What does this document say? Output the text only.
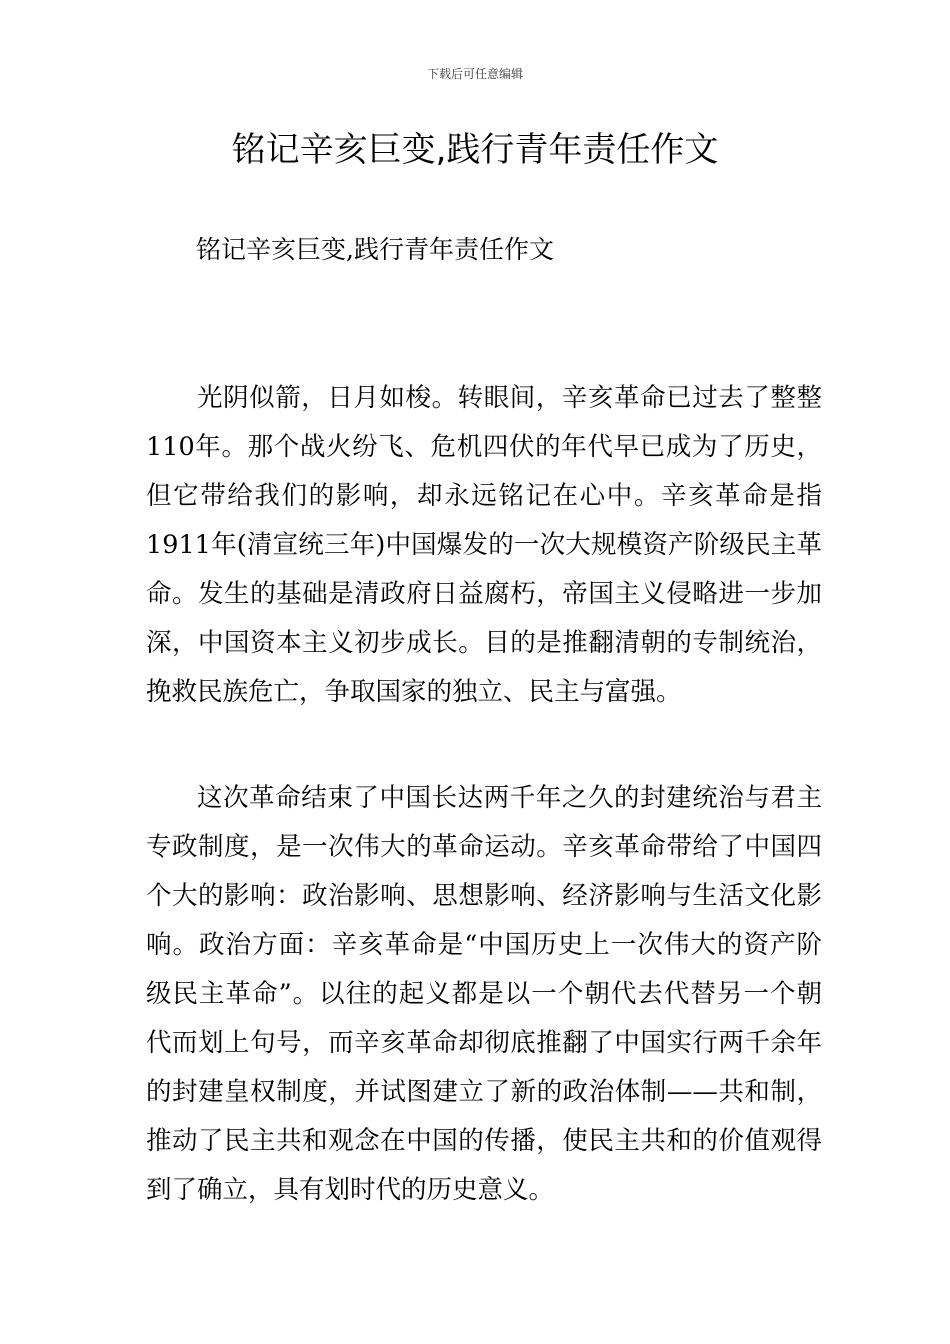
下载后可任意编辑
铭记辛亥巨变,践行青年责任作文

铭记辛亥巨变,践行青年责任作文

光阴似箭，日月如梭。转眼间，辛亥革命已过去了整整110年。那个战火纷飞、危机四伏的年代早已成为了历史，但它带给我们的影响，却永远铭记在心中。辛亥革命是指1911年(清宣统三年)中国爆发的一次大规模资产阶级民主革命。发生的基础是清政府日益腐朽，帝国主义侵略进一步加深，中国资本主义初步成长。目的是推翻清朝的专制统治，挽救民族危亡，争取国家的独立、民主与富强。

这次革命结束了中国长达两千年之久的封建统治与君主专政制度，是一次伟大的革命运动。辛亥革命带给了中国四个大的影响：政治影响、思想影响、经济影响与生活文化影响。政治方面：辛亥革命是“中国历史上一次伟大的资产阶级民主革命”。以往的起义都是以一个朝代去代替另一个朝代而划上句号，而辛亥革命却彻底推翻了中国实行两千余年的封建皇权制度，并试图建立了新的政治体制——共和制，推动了民主共和观念在中国的传播，使民主共和的价值观得到了确立，具有划时代的历史意义。
